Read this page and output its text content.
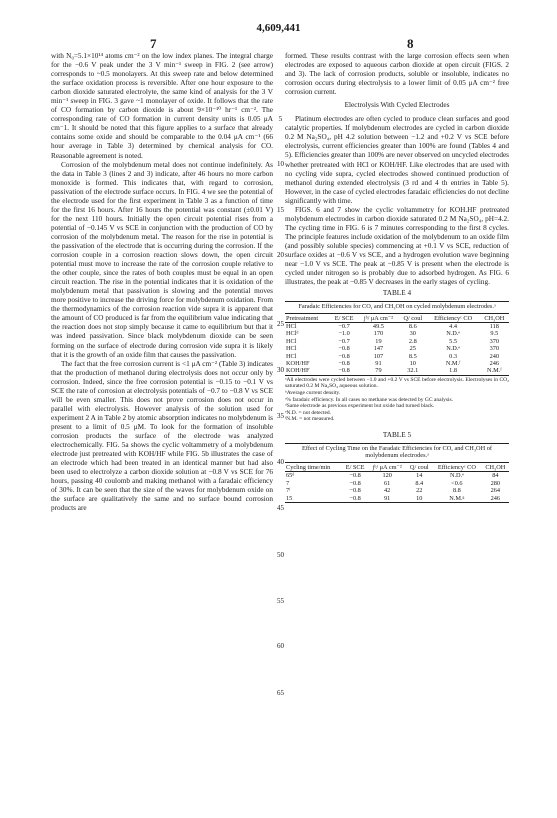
4,609,441
7	8

with N₀=5.1×10¹⁴ atoms cm⁻² on the low index planes. The integral charge for the −0.6 V peak under the 3 V min⁻¹ sweep in FIG. 2 (see arrow) corresponds to ~0.5 monolayers. At this sweep rate and below determined the surface oxidation process is reversible. After one hour exposure to the carbon dioxide saturated electrolyte, the same kind of analysis for the 3 V min⁻¹ sweep in FIG. 3 gave ~1 monolayer of oxide. It follows that the rate of CO formation by carbon dioxide is about 9×10⁻¹⁰ hr⁻¹ cm⁻². The corresponding rate of CO formation in current density units is 0.05 μA cm⁻1. It should be noted that this figure applies to a surface that already contains some oxide and should be comparable to the 0.04 μA cm⁻¹ (66 hour average in Table 3) determined by chemical analysis for CO. Reasonable agreement is noted.

Corrosion of the molybdenum metal does not continue indefinitely. As the data in Table 3 (lines 2 and 3) indicate, after 46 hours no more carbon monoxide is formed. This indicates that, with regard to corrosion, passivation of the electrode surface occurs. In FIG. 4 we see the potential of the electrode used for the first experiment in Table 3 as a function of time for the first 16 hours. After 16 hours the potential was constant (±0.01 V) for the next 110 hours. Initially the open circuit potential rises from a potential of −0.145 V vs SCE in conjunction with the production of CO by corrosion of the molybdenum metal. The reason for the rise in potential is the passivation of the electrode that is occurring during the corrosion. If the corrosion couple in a corrosion reaction slows down, the open circuit potential must move to increase the rate of the corrosion couple relative to the other couple, since the rates of both couples must be equal in an open circuit reaction. The rise in the potential indicates that it is oxidation of the molybdenum metal that passivation is slowing and the potential moves more positive to increase the driving force for molybdenum oxidation. From the thermodynamics of the corrosion reaction vide supra it is apparent that the amount of CO produced is far from the equilibrium value indicating that the reaction does not stop simply because it came to equilibrium but that it was indeed passivation. Since black molybdenum dioxide can be seen forming on the surface of electrode during corrosion vide supra it is likely that it is the growth of an oxide film that causes the passivation.

The fact that the free corrosion current is <1 μA cm⁻² (Table 3) indicates that the production of methanol during electrolysis does not occur only by corrosion. Indeed, since the free corrosion potential is −0.15 to −0.1 V vs SCE the rate of corrosion at electrolysis potentials of −0.7 to −0.8 V vs SCE will be even smaller. This does not prove corrosion does not occur in parallel with electrolysis. However analysis of the solution used for experiment 2 A in Table 2 by atomic absorption indicates no molybdenum is present to a limit of 0.5 μM. To look for the formation of insoluble corrosion products the surface of the electrode was analyzed electrochemically. FIG. 5a shows the cyclic voltammetry of a molybdenum electrode just pretreated with KOH/HF while FIG. 5b illustrates the case of an electrode which had been treated in an identical manner but had also been used to electrolyze a carbon dioxide solution at −0.8 V vs SCE for 76 hours, passing 40 coulomb and making methanol with a faradaic efficiency of 30%. It can be seen that the size of the waves for molybdenum oxide on the surface are qualitatively the same and no surface bound corrosion products are

5
10
15
20
25
30
35
40
45
50
55
60
65

formed. These results contrast with the large corrosion effects seen when electrodes are exposed to aqueous carbon dioxide at open circuit (FIGS. 2 and 3). The lack of corrosion products, soluble or insoluble, indicates no corrosion occurs during electrolysis to a lower limit of 0.05 μA cm⁻² free corrosion current.

Electrolysis With Cycled Electrodes

Platinum electrodes are often cycled to produce clean surfaces and good catalytic properties. If molybdenum electrodes are cycled in carbon dioxide 0.2 M Na₂SO₄, pH 4.2 solution between −1.2 and +0.2 V vs SCE before electrolysis, current efficiencies greater than 100% are found (Tables 4 and 5). Efficiencies greater than 100% are never observed on uncycled electrodes whether pretreated with HCl or KOH/HF. Like electrodes that are used with no cycling vide supra, cycled electrodes showed continued production of methanol during extended electrolysis (3 rd and 4 th entries in Table 5). However, in the case of cycled electrodes faradaic efficiencies do not decline significantly with time.

FIGS. 6 and 7 show the cyclic voltammetry for KOH.HF pretreated molybdenum electrodes in carbon dioxide saturated 0.2 M Na₂SO₄, pH=4.2. The cycling time in FIG. 6 is 7 minutes corresponding to the first 8 cycles. The principle features include oxidation of the molybdenum to an oxide film (and possibly soluble species) commencing at +0.1 V vs SCE, reduction of surface oxides at −0.6 V vs SCE, and a hydrogen evolution wave beginning near −1.0 V vs SCE. The peak at −0.85 V is present when the electrode is cycled under nitrogen so is probably due to adsorbed hydrogen. As FIG. 6 illustrates, the peak at −0.85 V decreases in the early stages of cycling.

TABLE 4
Faradaic Efficiencies for CO, and CH₃OH on cycled molybdenum electrodes.ᵃ
Pretreatment	E/ SCE	jᵇ/ μA cm⁻²	Q/ coul	Efficiencyᶜ CO	CH₃OH
HCl	−0.7	49.5	8.6	4.4	118
HClᵈ	−1.0	170	30	N.D.ᵉ	9.5
HCl	−0.7	19	2.8	5.5	370
HCl	−0.8	147	25	N.D.ᵉ	370
HCl	−0.8	107	8.5	0.3	240
KOH/HF	−0.8	91	10	N.M.ᶠ	246
KOH/HF	−0.8	79	32.1	1.8	N.M.ᶠ
ᵃAll electrodes were cycled between −1.0 and +0.2 V vs SCE before electrolysis. Electrolyses in CO₂ saturated 0.2 M Na₂SO₄ aqueous solution.
ᵇAverage current density.
ᶜ% faradaic efficiency. In all cases no methane was detected by GC analysis.
ᵈSame electrode as previous experiment but oxide had turned black.
ᵉN.D. = not detected.
ᶠN.M. = not measured.
TABLE 5
Effect of Cycling Time on the Faradaic Efficiencies for CO, and CH₃OH of molybdenum electrodes.ᵃ
Cycling time/min	E/ SCE	jᵇ/ μA cm⁻²	Q/ coul	Efficiencyᶜ CO	CH₃OH
65ᵈ	−0.8	120	14	N.D.ᵉ	84
7	−0.8	61	8.4	<0.6	280
7ᶠ	−0.8	42	22	8.8	264
15	−0.8	91	10	N.M.ᵍ	246
